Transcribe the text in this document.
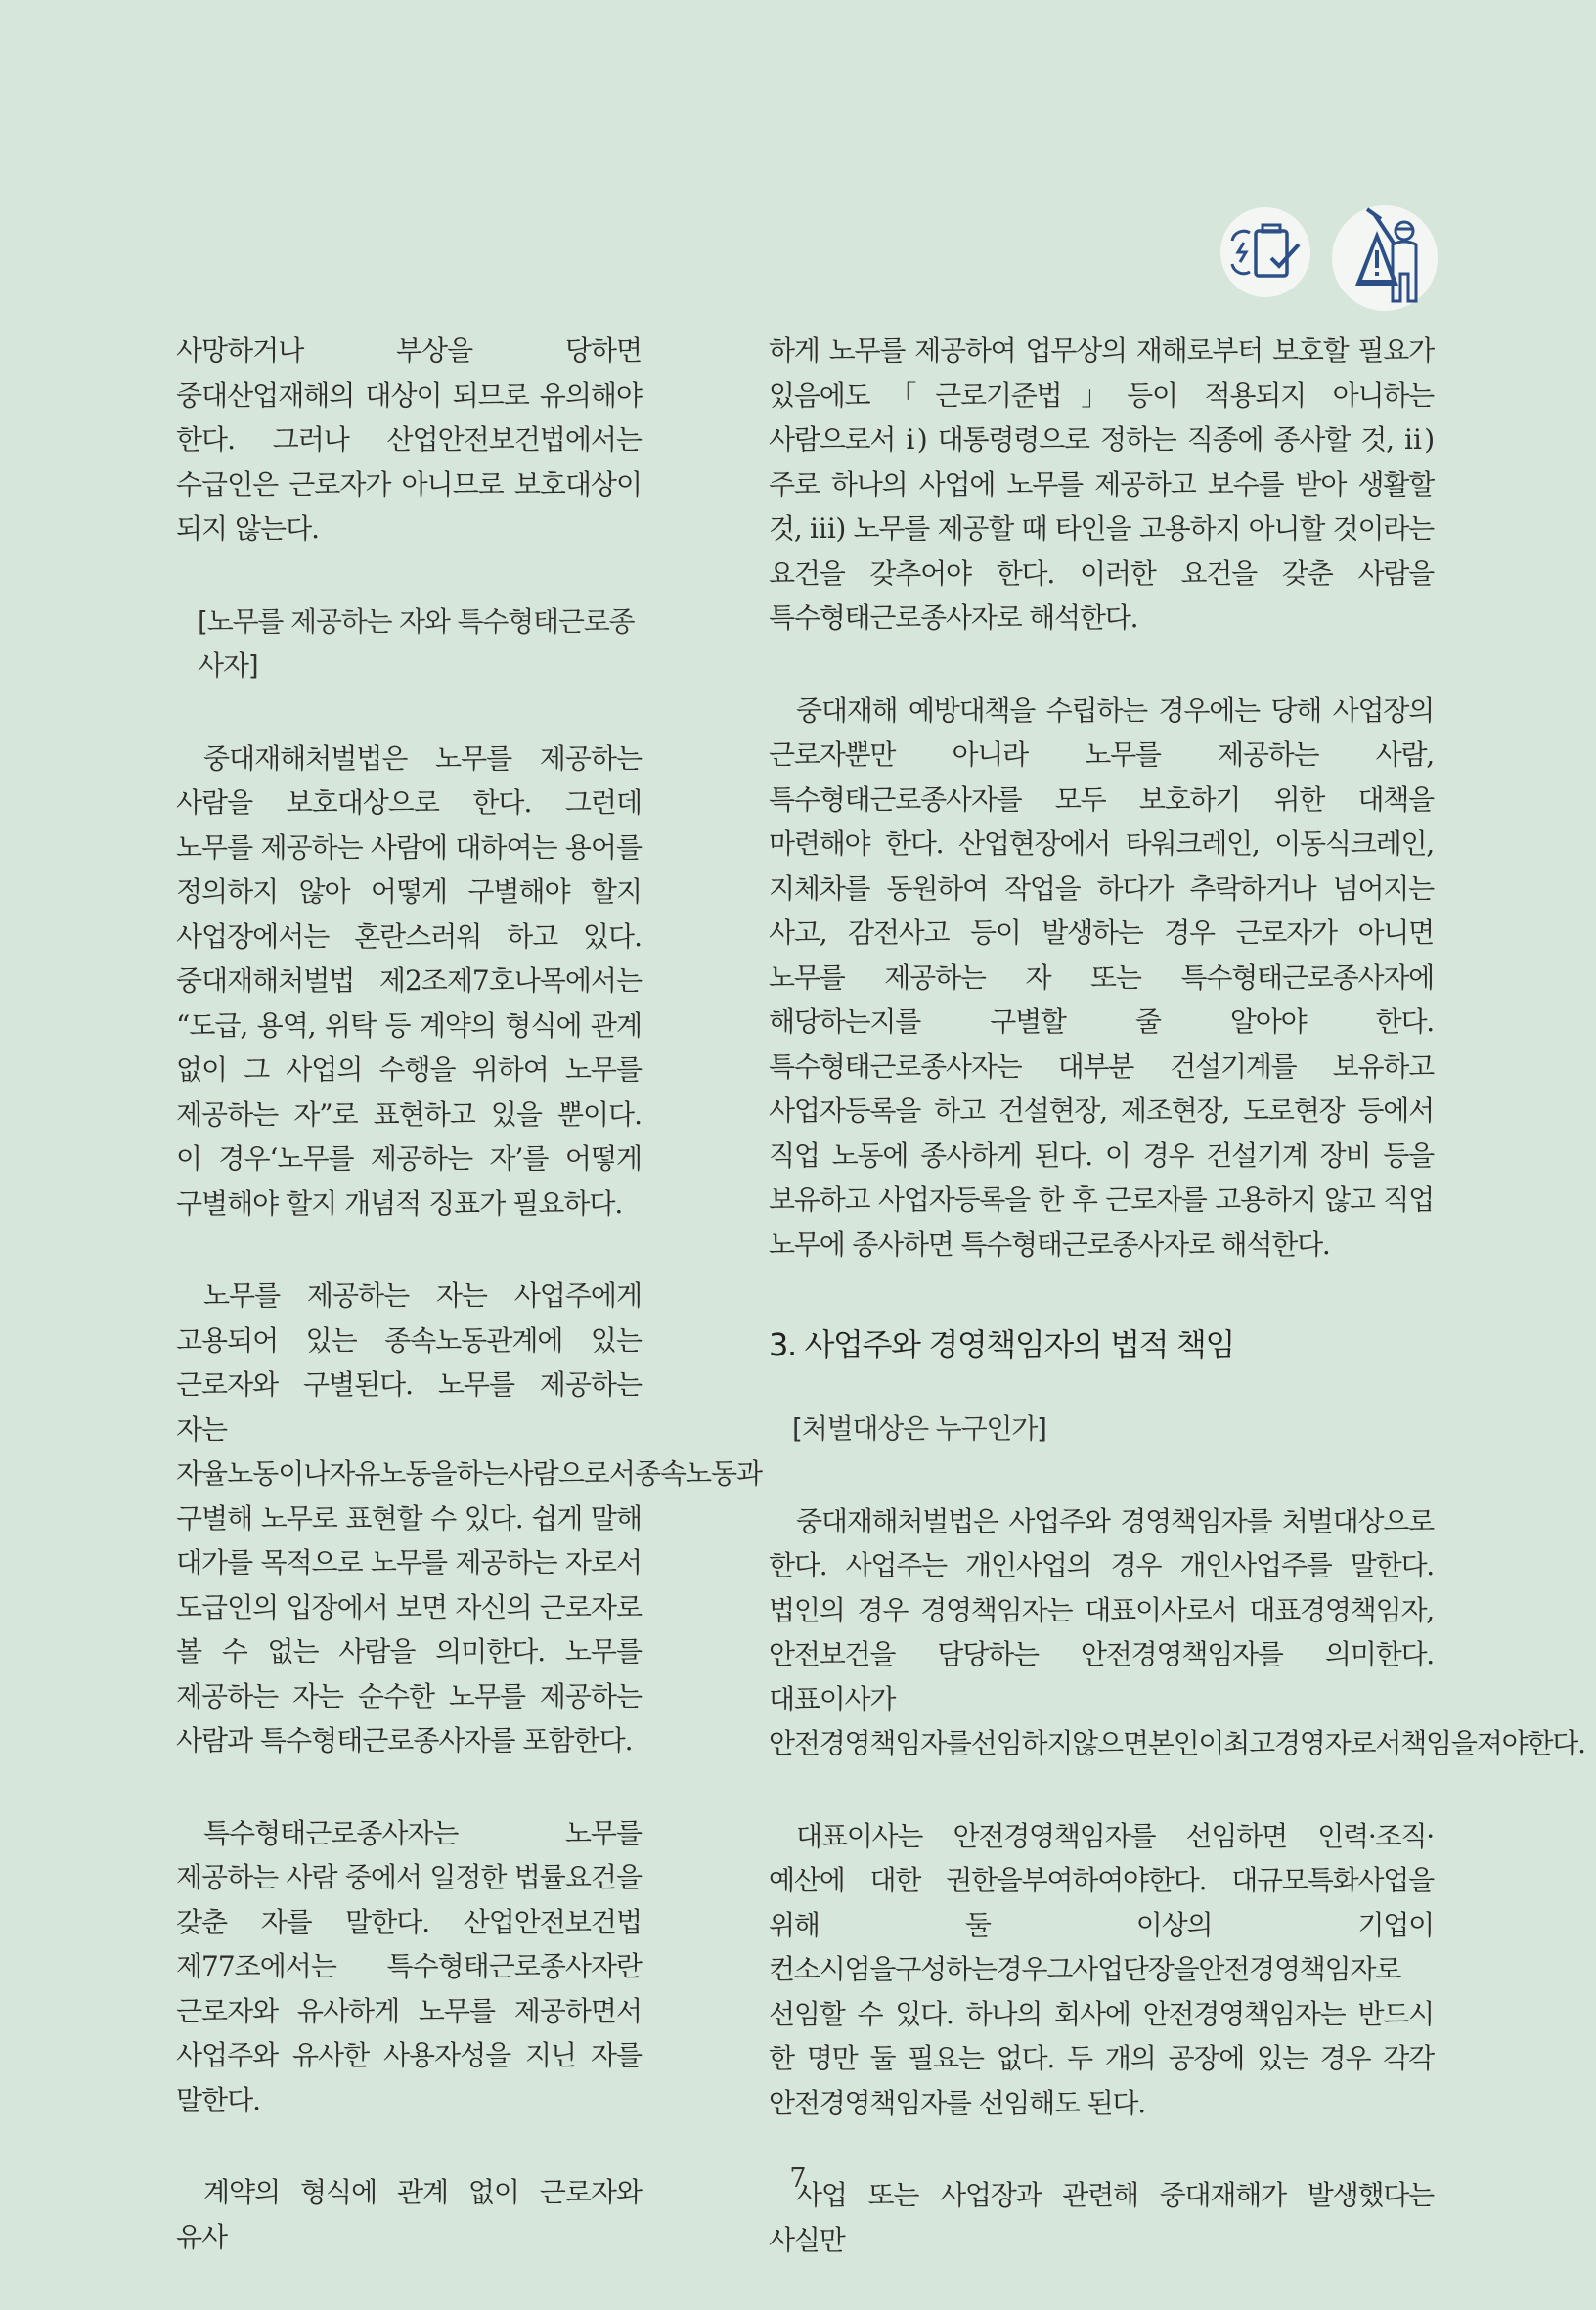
사망하거나 부상을 당하면 중대산업재해의 대상이 되므로 유의해야 한다. 그러나 산업안전보건법에서는 수급인은 근로자가 아니므로 보호대상이 되지 않는다.

[노무를 제공하는 자와 특수형태근로종사자]

중대재해처벌법은 노무를 제공하는 사람을 보호대상으로 한다. 그런데 노무를 제공하는 사람에 대하여는 용어를 정의하지 않아 어떻게 구별해야 할지 사업장에서는 혼란스러워 하고 있다. 중대재해처벌법 제2조제7호나목에서는 “도급, 용역, 위탁 등 계약의 형식에 관계 없이 그 사업의 수행을 위하여 노무를 제공하는 자”로 표현하고 있을 뿐이다. 이 경우‘노무를 제공하는 자’를 어떻게 구별해야 할지 개념적 징표가 필요하다.

노무를 제공하는 자는 사업주에게 고용되어 있는 종속노동관계에 있는 근로자와 구별된다. 노무를 제공하는 자는 자율노동이나자유노동을하는사람으로서종속노동과 구별해 노무로 표현할 수 있다. 쉽게 말해 대가를 목적으로 노무를 제공하는 자로서 도급인의 입장에서 보면 자신의 근로자로 볼 수 없는 사람을 의미한다. 노무를 제공하는 자는 순수한 노무를 제공하는 사람과 특수형태근로종사자를 포함한다.

특수형태근로종사자는 노무를 제공하는 사람 중에서 일정한 법률요건을 갖춘 자를 말한다. 산업안전보건법 제77조에서는 특수형태근로종사자란 근로자와 유사하게 노무를 제공하면서 사업주와 유사한 사용자성을 지닌 자를 말한다.

계약의 형식에 관계 없이 근로자와 유사

하게 노무를 제공하여 업무상의 재해로부터 보호할 필요가 있음에도「근로기준법」등이 적용되지 아니하는 사람으로서 ⅰ) 대통령령으로 정하는 직종에 종사할 것, ⅱ) 주로 하나의 사업에 노무를 제공하고 보수를 받아 생활할 것, ⅲ) 노무를 제공할 때 타인을 고용하지 아니할 것이라는 요건을 갖추어야 한다. 이러한 요건을 갖춘 사람을 특수형태근로종사자로 해석한다.

중대재해 예방대책을 수립하는 경우에는 당해 사업장의 근로자뿐만 아니라 노무를 제공하는 사람, 특수형태근로종사자를 모두 보호하기 위한 대책을 마련해야 한다. 산업현장에서 타워크레인, 이동식크레인, 지체차를 동원하여 작업을 하다가 추락하거나 넘어지는 사고, 감전사고 등이 발생하는 경우 근로자가 아니면 노무를 제공하는 자 또는 특수형태근로종사자에 해당하는지를 구별할 줄 알아야 한다. 특수형태근로종사자는 대부분 건설기계를 보유하고 사업자등록을 하고 건설현장, 제조현장, 도로현장 등에서 직업 노동에 종사하게 된다. 이 경우 건설기계 장비 등을 보유하고 사업자등록을 한 후 근로자를 고용하지 않고 직업 노무에 종사하면 특수형태근로종사자로 해석한다.

3. 사업주와 경영책임자의 법적 책임
[처벌대상은 누구인가]

중대재해처벌법은 사업주와 경영책임자를 처벌대상으로 한다. 사업주는 개인사업의 경우 개인사업주를 말한다. 법인의 경우 경영책임자는 대표이사로서 대표경영책임자, 안전보건을 담당하는 안전경영책임자를 의미한다. 대표이사가 안전경영책임자를선임하지않으면본인이최고경영자로서책임을져야한다.

대표이사는 안전경영책임자를 선임하면 인력·조직·예산에 대한 권한을부여하여야한다. 대규모특화사업을 위해 둘 이상의 기업이 컨소시엄을구성하는경우그사업단장을안전경영책임자로 선임할 수 있다. 하나의 회사에 안전경영책임자는 반드시 한 명만 둘 필요는 없다. 두 개의 공장에 있는 경우 각각 안전경영책임자를 선임해도 된다.

사업 또는 사업장과 관련해 중대재해가 발생했다는 사실만

7
